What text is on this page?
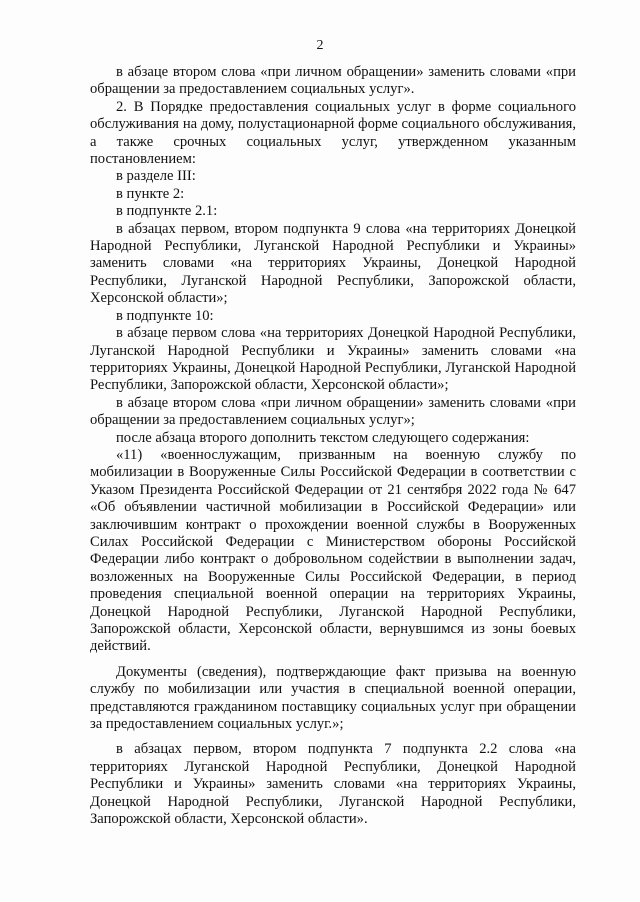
2

в абзаце втором слова «при личном обращении» заменить словами «при обращении за предоставлением социальных услуг».

2. В Порядке предоставления социальных услуг в форме социального обслуживания на дому, полустационарной форме социального обслуживания, а также срочных социальных услуг, утвержденном указанным постановлением:

в разделе III:

в пункте 2:

в подпункте 2.1:

в абзацах первом, втором подпункта 9 слова «на территориях Донецкой Народной Республики, Луганской Народной Республики и Украины» заменить словами «на территориях Украины, Донецкой Народной Республики, Луганской Народной Республики, Запорожской области, Херсонской области»;

в подпункте 10:

в абзаце первом слова «на территориях Донецкой Народной Республики, Луганской Народной Республики и Украины» заменить словами «на территориях Украины, Донецкой Народной Республики, Луганской Народной Республики, Запорожской области, Херсонской области»;

в абзаце втором слова «при личном обращении» заменить словами «при обращении за предоставлением социальных услуг»;

после абзаца второго дополнить текстом следующего содержания:

«11) «военнослужащим, призванным на военную службу по мобилизации в Вооруженные Силы Российской Федерации в соответствии с Указом Президента Российской Федерации от 21 сентября 2022 года № 647 «Об объявлении частичной мобилизации в Российской Федерации» или заключившим контракт о прохождении военной службы в Вооруженных Силах Российской Федерации с Министерством обороны Российской Федерации либо контракт о добровольном содействии в выполнении задач, возложенных на Вооруженные Силы Российской Федерации, в период проведения специальной военной операции на территориях Украины, Донецкой Народной Республики, Луганской Народной Республики, Запорожской области, Херсонской области, вернувшимся из зоны боевых действий.

Документы (сведения), подтверждающие факт призыва на военную службу по мобилизации или участия в специальной военной операции, представляются гражданином поставщику социальных услуг при обращении за предоставлением социальных услуг.»;

в абзацах первом, втором подпункта 7 подпункта 2.2 слова «на территориях Луганской Народной Республики, Донецкой Народной Республики и Украины» заменить словами «на территориях Украины, Донецкой Народной Республики, Луганской Народной Республики, Запорожской области, Херсонской области».
